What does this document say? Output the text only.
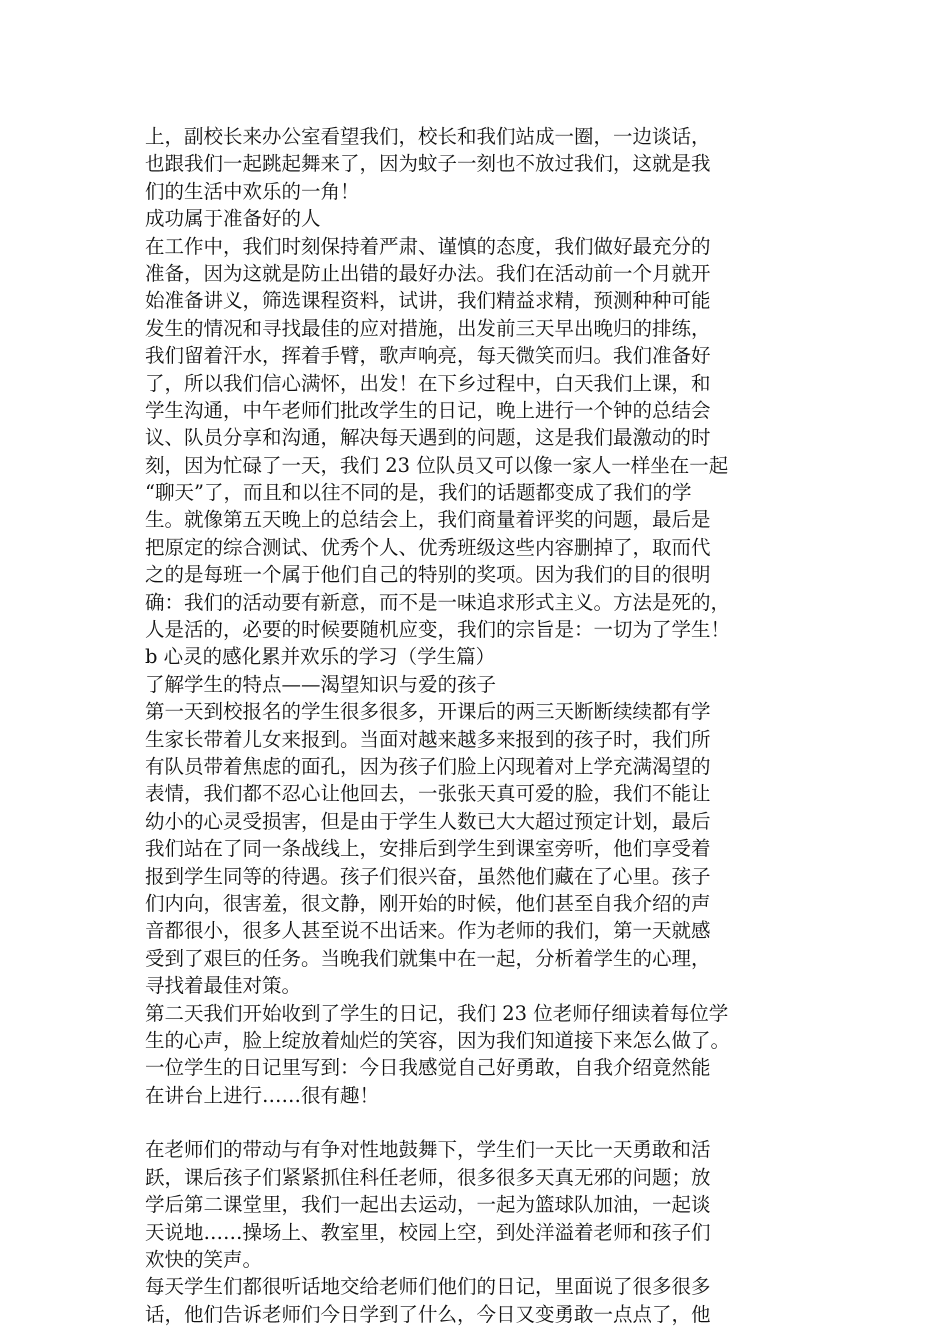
上，副校长来办公室看望我们，校长和我们站成一圈，一边谈话，
也跟我们一起跳起舞来了，因为蚊子一刻也不放过我们，这就是我
们的生活中欢乐的一角！
成功属于准备好的人
在工作中，我们时刻保持着严肃、谨慎的态度，我们做好最充分的
准备，因为这就是防止出错的最好办法。我们在活动前一个月就开
始准备讲义，筛选课程资料，试讲，我们精益求精，预测种种可能
发生的情况和寻找最佳的应对措施，出发前三天早出晚归的排练，
我们留着汗水，挥着手臂，歌声响亮，每天微笑而归。我们准备好
了，所以我们信心满怀，出发！在下乡过程中，白天我们上课，和
学生沟通，中午老师们批改学生的日记，晚上进行一个钟的总结会
议、队员分享和沟通，解决每天遇到的问题，这是我们最激动的时
刻，因为忙碌了一天，我们 23 位队员又可以像一家人一样坐在一起
“聊天”了，而且和以往不同的是，我们的话题都变成了我们的学
生。就像第五天晚上的总结会上，我们商量着评奖的问题，最后是
把原定的综合测试、优秀个人、优秀班级这些内容删掉了，取而代
之的是每班一个属于他们自己的特别的奖项。因为我们的目的很明
确：我们的活动要有新意，而不是一味追求形式主义。方法是死的，
人是活的，必要的时候要随机应变，我们的宗旨是：一切为了学生！
b 心灵的感化累并欢乐的学习（学生篇）
了解学生的特点——渴望知识与爱的孩子
第一天到校报名的学生很多很多，开课后的两三天断断续续都有学
生家长带着儿女来报到。当面对越来越多来报到的孩子时，我们所
有队员带着焦虑的面孔，因为孩子们脸上闪现着对上学充满渴望的
表情，我们都不忍心让他回去，一张张天真可爱的脸，我们不能让
幼小的心灵受损害，但是由于学生人数已大大超过预定计划，最后
我们站在了同一条战线上，安排后到学生到课室旁听，他们享受着
报到学生同等的待遇。孩子们很兴奋，虽然他们藏在了心里。孩子
们内向，很害羞，很文静，刚开始的时候，他们甚至自我介绍的声
音都很小，很多人甚至说不出话来。作为老师的我们，第一天就感
受到了艰巨的任务。当晚我们就集中在一起，分析着学生的心理，
寻找着最佳对策。
第二天我们开始收到了学生的日记，我们 23 位老师仔细读着每位学
生的心声，脸上绽放着灿烂的笑容，因为我们知道接下来怎么做了。
一位学生的日记里写到：今日我感觉自己好勇敢，自我介绍竟然能
在讲台上进行……很有趣！
在老师们的带动与有争对性地鼓舞下，学生们一天比一天勇敢和活
跃，课后孩子们紧紧抓住科任老师，很多很多天真无邪的问题；放
学后第二课堂里，我们一起出去运动，一起为篮球队加油，一起谈
天说地……操场上、教室里，校园上空，到处洋溢着老师和孩子们
欢快的笑声。
每天学生们都很听话地交给老师们他们的日记，里面说了很多很多
话，他们告诉老师们今日学到了什么，今日又变勇敢一点点了，他
